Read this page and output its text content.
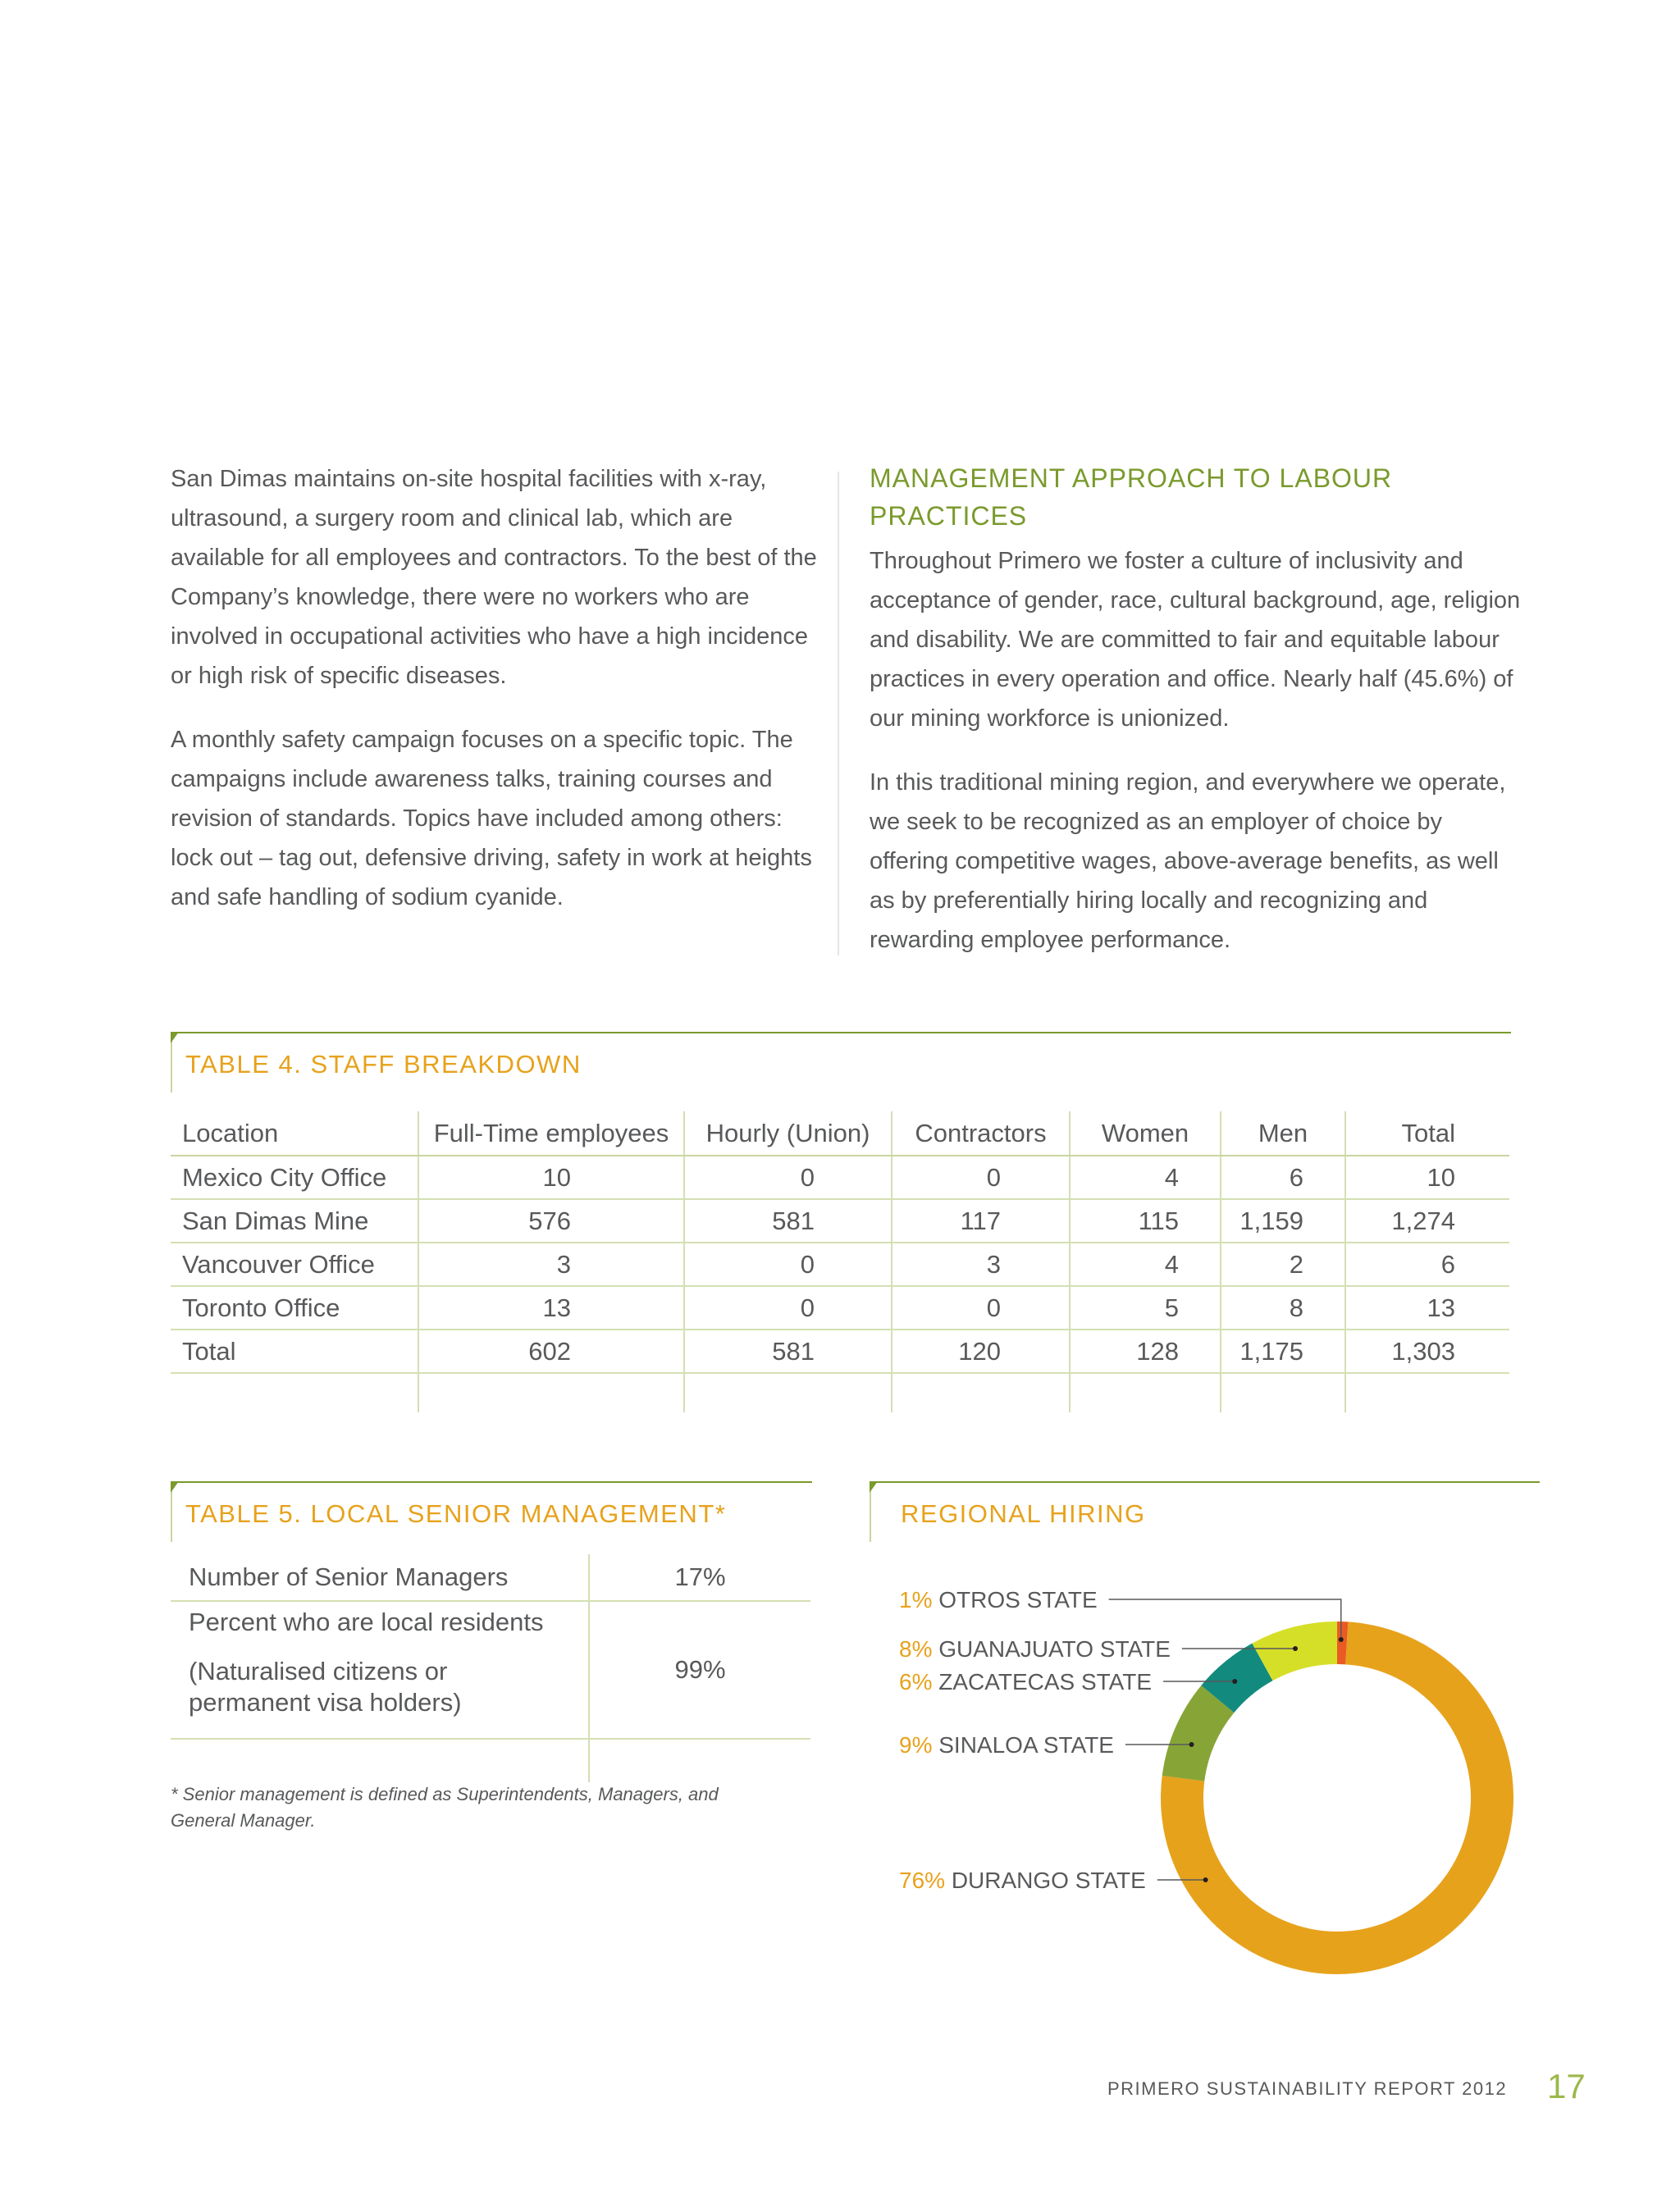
San Dimas maintains on-site hospital facilities with x-ray, ultrasound, a surgery room and clinical lab, which are available for all employees and contractors. To the best of the Company’s knowledge, there were no workers who are involved in occupational activities who have a high incidence or high risk of specific diseases.

A monthly safety campaign focuses on a specific topic. The campaigns include awareness talks, training courses and revision of standards. Topics have included among others: lock out – tag out, defensive driving, safety in work at heights and safe handling of sodium cyanide.

MANAGEMENT APPROACH TO LABOUR PRACTICES

Throughout Primero we foster a culture of inclusivity and acceptance of gender, race, cultural background, age, religion and disability. We are committed to fair and equitable labour practices in every operation and office. Nearly half (45.6%) of our mining workforce is unionized.

In this traditional mining region, and everywhere we operate, we seek to be recognized as an employer of choice by offering competitive wages, above-average benefits, as well as by preferentially hiring locally and recognizing and rewarding employee performance.

TABLE 4. STAFF BREAKDOWN
Location	Full-Time employees	Hourly (Union)	Contractors	Women	Men	Total
Mexico City Office	10	0	0	4	6	10
San Dimas Mine	576	581	117	115	1,159	1,274
Vancouver Office	3	0	3	4	2	6
Toronto Office	13	0	0	5	8	13
Total	602	581	120	128	1,175	1,303

TABLE 5. LOCAL SENIOR MANAGEMENT*
Number of Senior Managers	17%

Percent who are local residents
(Naturalised citizens or permanent visa holders)	99%

* Senior management is defined as Superintendents, Managers, and General Manager.
REGIONAL HIRING
1% OTROS STATE
8% GUANAJUATO STATE
6% ZACATECAS STATE
9% SINALOA STATE
76% DURANGO STATE
PRIMERO SUSTAINABILITY REPORT 2012 17
